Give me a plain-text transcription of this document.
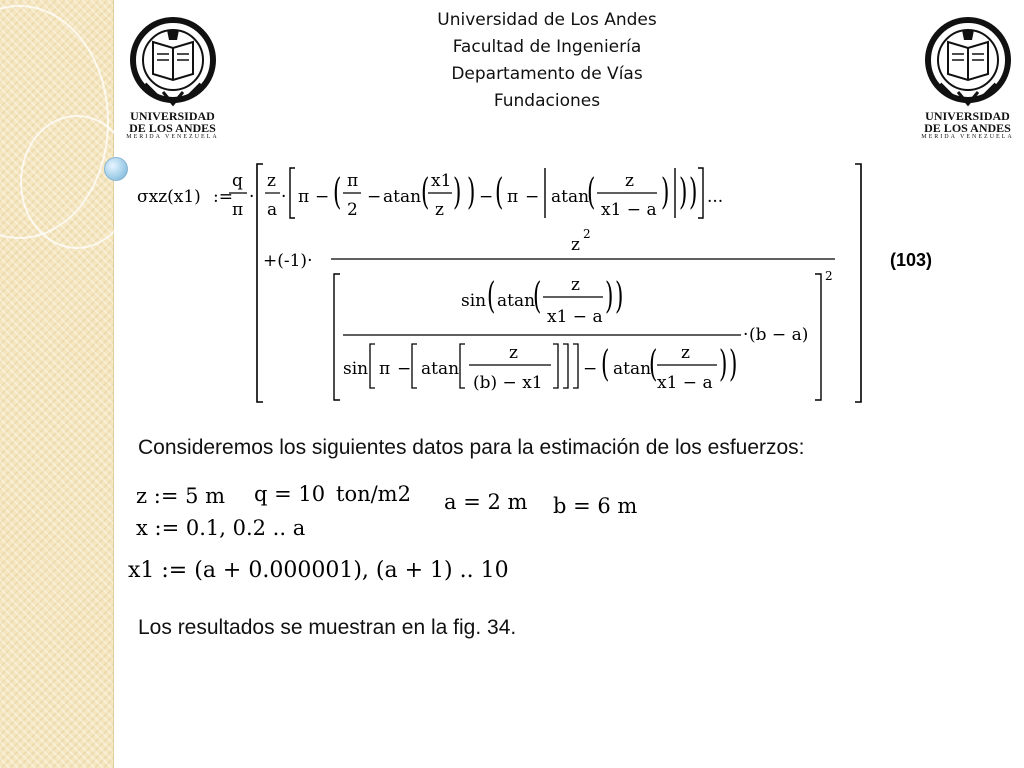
Universidad de Los Andes
Facultad de Ingeniería
Departamento de Vías
Fundaciones
UNIVERSIDAD
DE LOS ANDES
MERIDA VENEZUELA
UNIVERSIDAD
DE LOS ANDES
MERIDA VENEZUELA
σxz(x1) :=
q
π
·
z
a
· π − ( π
2
− atan ( x1
z ) ) − ( π − atan
( z
x1 − a ) ) ) ...
+(-1)·
z
2
2
sin ( atan
( z
x1 − a
) )
· (b − a)
sin π − atan
z
(b) − x1
− ( atan
( z
x1 − a ) )
(103)
Consideremos los siguientes datos para la estimación de los esfuerzos:
z := 5 m q = 10 ton/m2 a = 2 m b = 6 m
x := 0.1, 0.2 .. a
x1 := (a + 0.000001), (a + 1) .. 10
Los resultados se muestran en la fig. 34.
